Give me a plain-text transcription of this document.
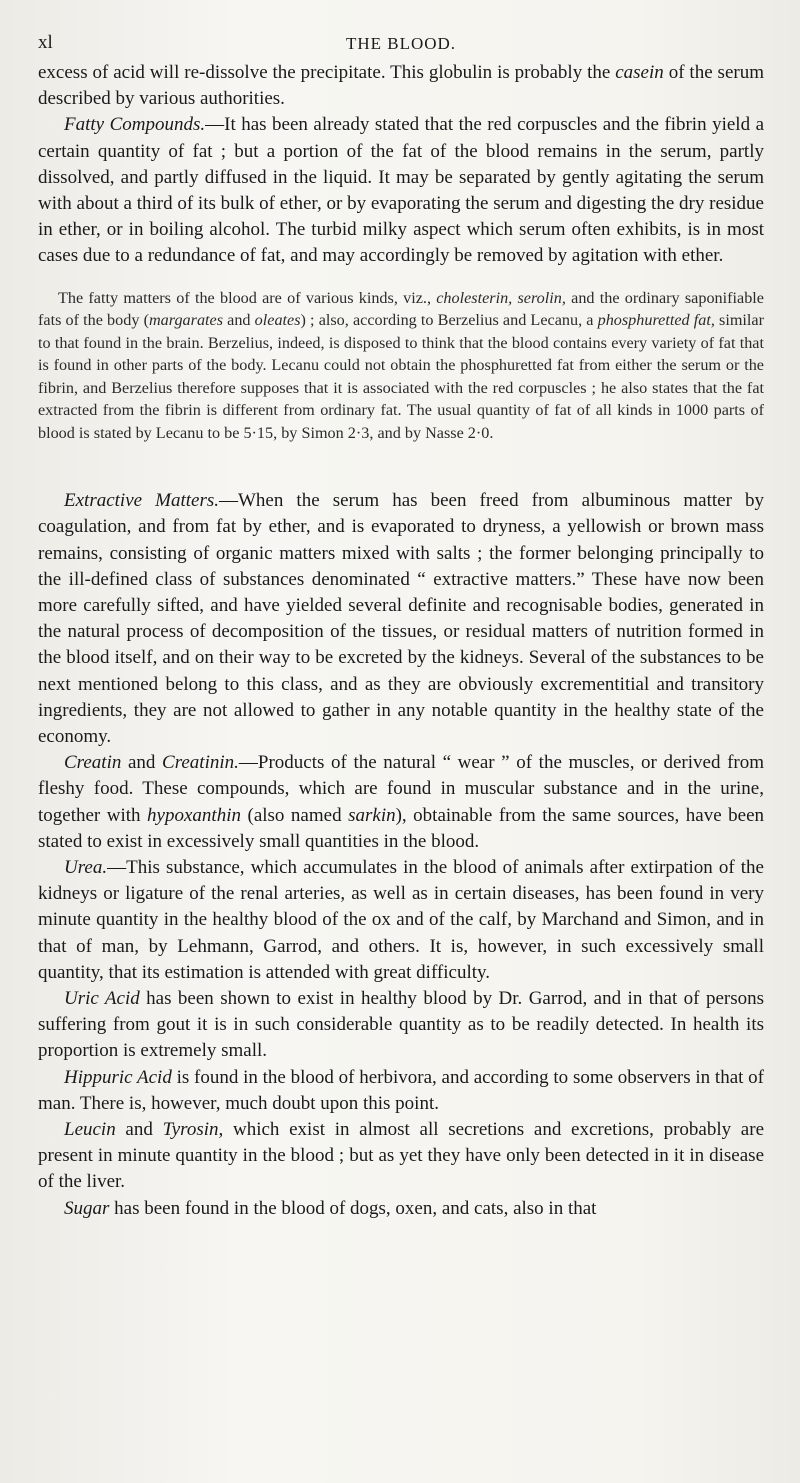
xl	THE BLOOD.

excess of acid will re-dissolve the precipitate. This globulin is probably the casein of the serum described by various authorities.

Fatty Compounds.—It has been already stated that the red corpuscles and the fibrin yield a certain quantity of fat ; but a portion of the fat of the blood remains in the serum, partly dissolved, and partly diffused in the liquid. It may be separated by gently agitating the serum with about a third of its bulk of ether, or by evaporating the serum and digesting the dry residue in ether, or in boiling alcohol. The turbid milky aspect which serum often exhibits, is in most cases due to a redundance of fat, and may accordingly be removed by agitation with ether.

The fatty matters of the blood are of various kinds, viz., cholesterin, serolin, and the ordinary saponifiable fats of the body (margarates and oleates) ; also, according to Berzelius and Lecanu, a phosphuretted fat, similar to that found in the brain. Berzelius, indeed, is disposed to think that the blood contains every variety of fat that is found in other parts of the body. Lecanu could not obtain the phosphuretted fat from either the serum or the fibrin, and Berzelius therefore supposes that it is associated with the red corpuscles ; he also states that the fat extracted from the fibrin is different from ordinary fat. The usual quantity of fat of all kinds in 1000 parts of blood is stated by Lecanu to be 5·15, by Simon 2·3, and by Nasse 2·0.

Extractive Matters.—When the serum has been freed from albuminous matter by coagulation, and from fat by ether, and is evaporated to dryness, a yellowish or brown mass remains, consisting of organic matters mixed with salts ; the former belonging principally to the ill-defined class of substances denominated “ extractive matters.” These have now been more carefully sifted, and have yielded several definite and recognisable bodies, generated in the natural process of decomposition of the tissues, or residual matters of nutrition formed in the blood itself, and on their way to be excreted by the kidneys. Several of the substances to be next mentioned belong to this class, and as they are obviously excrementitial and transitory ingredients, they are not allowed to gather in any notable quantity in the healthy state of the economy.

Creatin and Creatinin.—Products of the natural “ wear ” of the muscles, or derived from fleshy food. These compounds, which are found in muscular substance and in the urine, together with hypoxanthin (also named sarkin), obtainable from the same sources, have been stated to exist in excessively small quantities in the blood.

Urea.—This substance, which accumulates in the blood of animals after extirpation of the kidneys or ligature of the renal arteries, as well as in certain diseases, has been found in very minute quantity in the healthy blood of the ox and of the calf, by Marchand and Simon, and in that of man, by Lehmann, Garrod, and others. It is, however, in such excessively small quantity, that its estimation is attended with great difficulty.

Uric Acid has been shown to exist in healthy blood by Dr. Garrod, and in that of persons suffering from gout it is in such considerable quantity as to be readily detected. In health its proportion is extremely small.

Hippuric Acid is found in the blood of herbivora, and according to some observers in that of man. There is, however, much doubt upon this point.

Leucin and Tyrosin, which exist in almost all secretions and excretions, probably are present in minute quantity in the blood ; but as yet they have only been detected in it in disease of the liver.

Sugar has been found in the blood of dogs, oxen, and cats, also in that
